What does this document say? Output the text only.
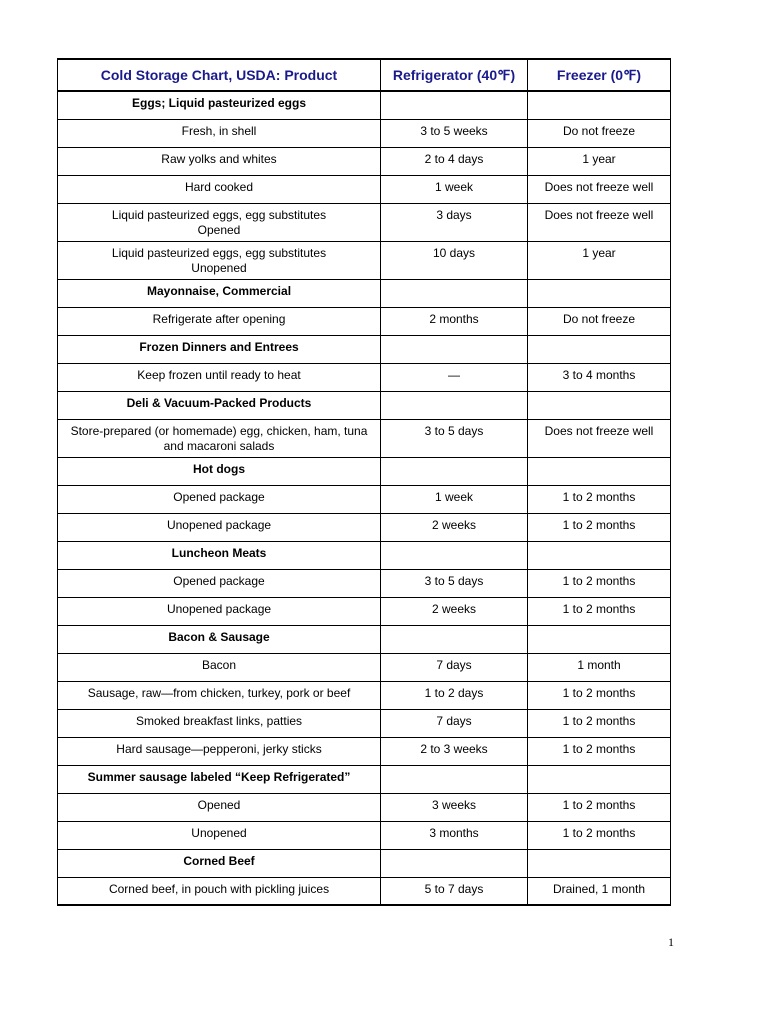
Cold Storage Chart, USDA: Product	Refrigerator (40℉)	Freezer (0℉)
Eggs; Liquid pasteurized eggs		
Fresh, in shell	3 to 5 weeks	Do not freeze
Raw yolks and whites	2 to 4 days	1 year
Hard cooked	1 week	Does not freeze well
Liquid pasteurized eggs, egg substitutes
Opened	3 days	Does not freeze well
Liquid pasteurized eggs, egg substitutes
Unopened	10 days	1 year
Mayonnaise, Commercial		
Refrigerate after opening	2 months	Do not freeze
Frozen Dinners and Entrees		
Keep frozen until ready to heat	—	3 to 4 months
Deli & Vacuum-Packed Products		
Store-prepared (or homemade) egg, chicken, ham, tuna
and macaroni salads	3 to 5 days	Does not freeze well
Hot dogs		
Opened package	1 week	1 to 2 months
Unopened package	2 weeks	1 to 2 months
Luncheon Meats		
Opened package	3 to 5 days	1 to 2 months
Unopened package	2 weeks	1 to 2 months
Bacon & Sausage		
Bacon	7 days	1 month
Sausage, raw—from chicken, turkey, pork or beef	1 to 2 days	1 to 2 months
Smoked breakfast links, patties	7 days	1 to 2 months
Hard sausage—pepperoni, jerky sticks	2 to 3 weeks	1 to 2 months
Summer sausage labeled “Keep Refrigerated”		
Opened	3 weeks	1 to 2 months
Unopened	3 months	1 to 2 months
Corned Beef		
Corned beef, in pouch with pickling juices	5 to 7 days	Drained, 1 month
1
